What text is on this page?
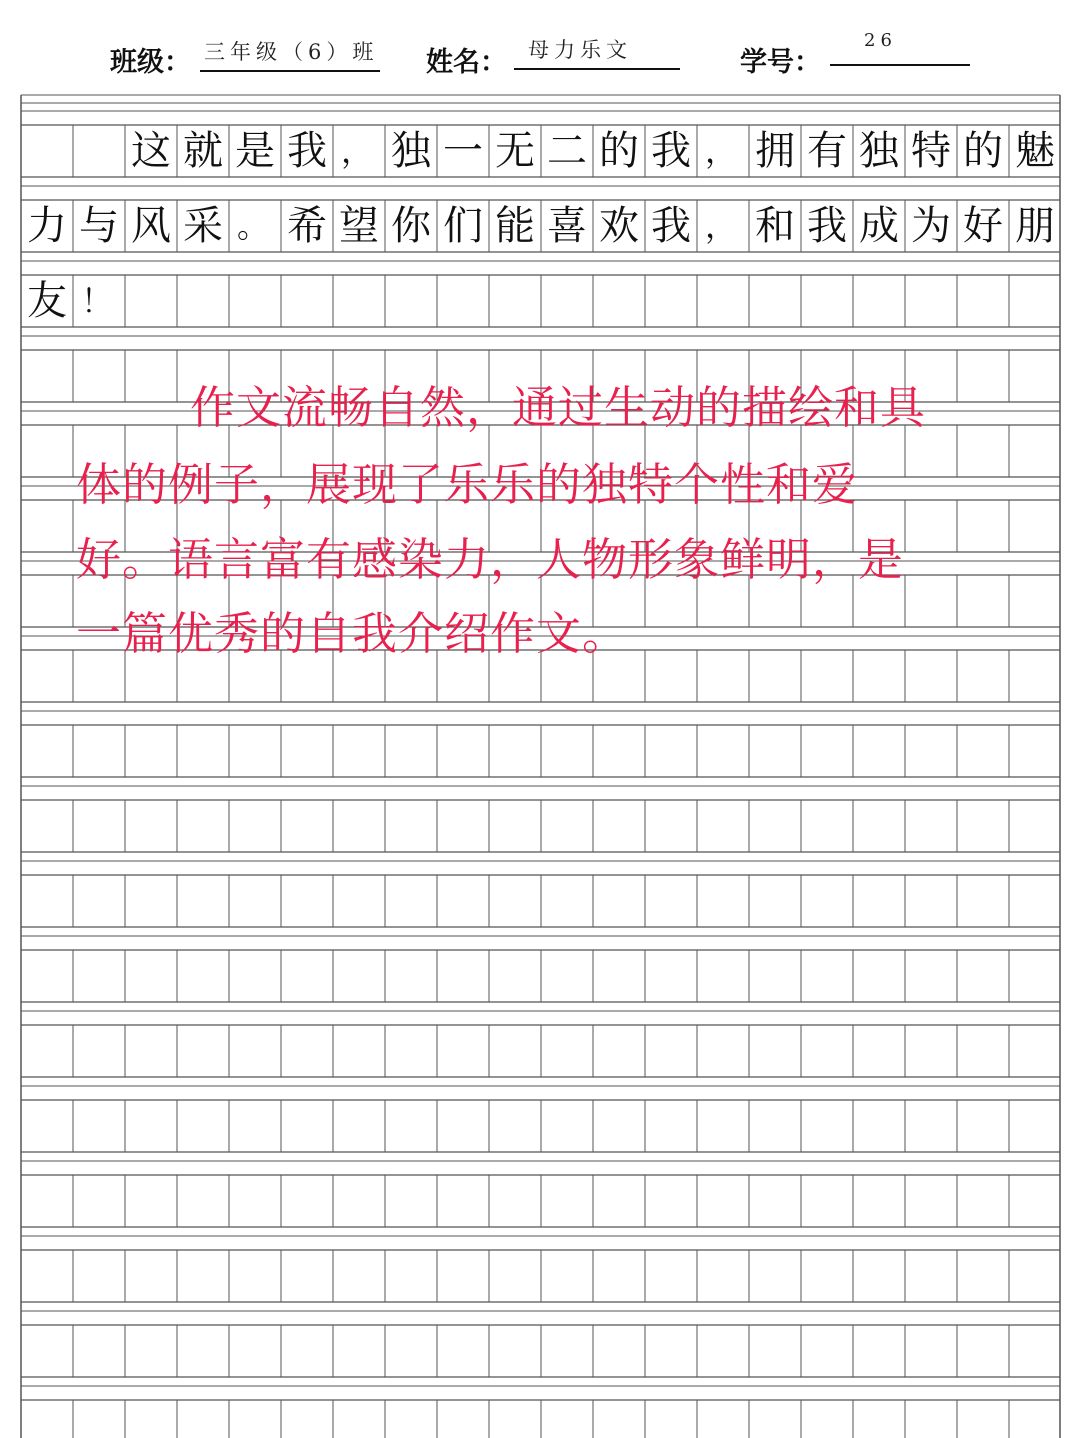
班级： 三年级（6）班 姓名：	母力乐文	学号：
26
这 就 是 我 ， 独 一 无 二 的 我 ， 拥 有 独 特 的 魅
力 与 风 采 。 希 望 你 们 能 喜 欢 我 ， 和 我 成 为 好 朋
友 ！
作文流畅自然，通过生动的描绘和具
体的例子，展现了乐乐的独特个性和爱
好。语言富有感染力，人物形象鲜明，是
一篇优秀的自我介绍作文。
